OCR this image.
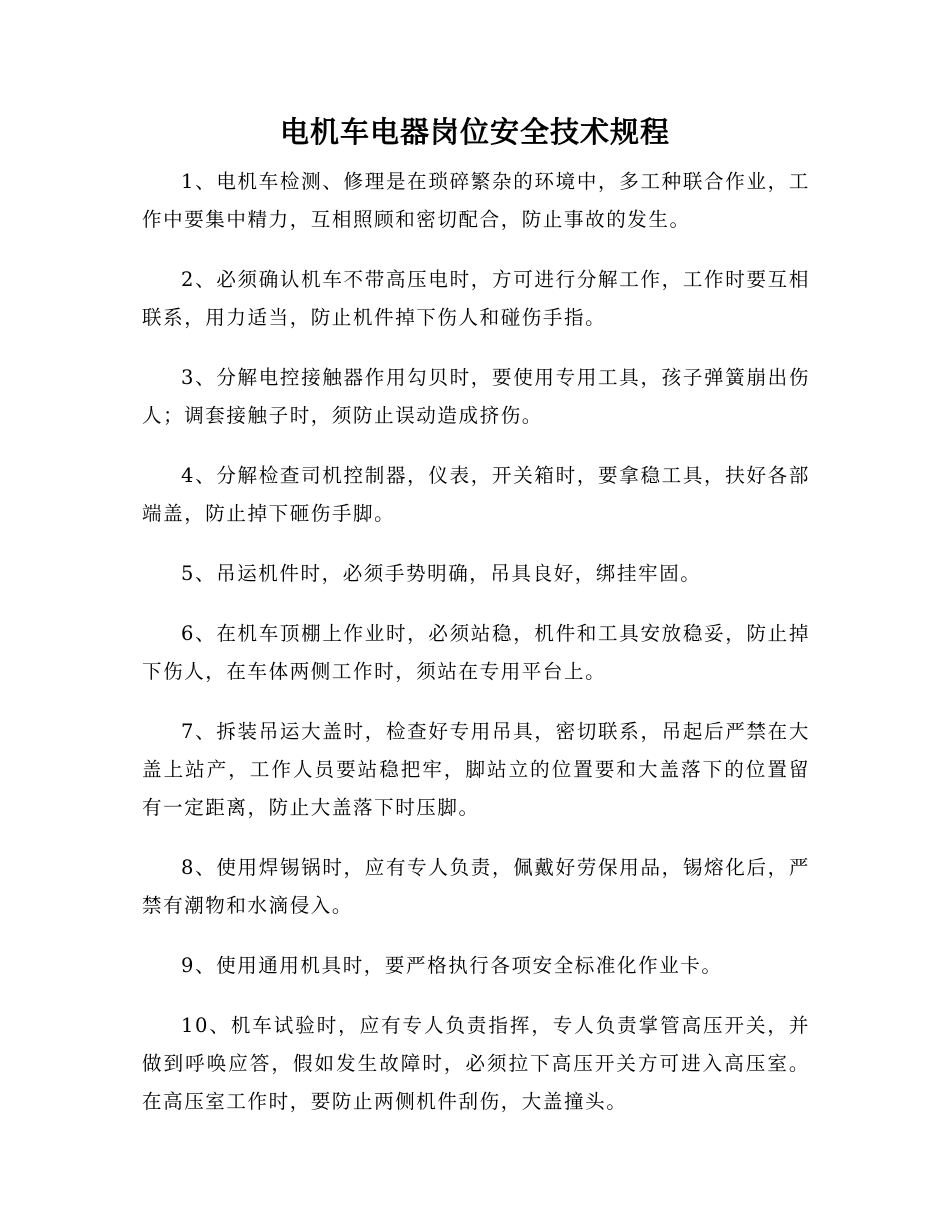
电机车电器岗位安全技术规程

1、电机车检测、修理是在琐碎繁杂的环境中，多工种联合作业，工作中要集中精力，互相照顾和密切配合，防止事故的发生。

2、必须确认机车不带高压电时，方可进行分解工作，工作时要互相联系，用力适当，防止机件掉下伤人和碰伤手指。

3、分解电控接触器作用勾贝时，要使用专用工具，孩子弹簧崩出伤人；调套接触子时，须防止误动造成挤伤。

4、分解检查司机控制器，仪表，开关箱时，要拿稳工具，扶好各部端盖，防止掉下砸伤手脚。

5、吊运机件时，必须手势明确，吊具良好，绑挂牢固。

6、在机车顶棚上作业时，必须站稳，机件和工具安放稳妥，防止掉下伤人，在车体两侧工作时，须站在专用平台上。

7、拆装吊运大盖时，检查好专用吊具，密切联系，吊起后严禁在大盖上站产，工作人员要站稳把牢，脚站立的位置要和大盖落下的位置留有一定距离，防止大盖落下时压脚。

8、使用焊锡锅时，应有专人负责，佩戴好劳保用品，锡熔化后，严禁有潮物和水滴侵入。

9、使用通用机具时，要严格执行各项安全标准化作业卡。

10、机车试验时，应有专人负责指挥，专人负责掌管高压开关，并做到呼唤应答，假如发生故障时，必须拉下高压开关方可进入高压室。在高压室工作时，要防止两侧机件刮伤，大盖撞头。
